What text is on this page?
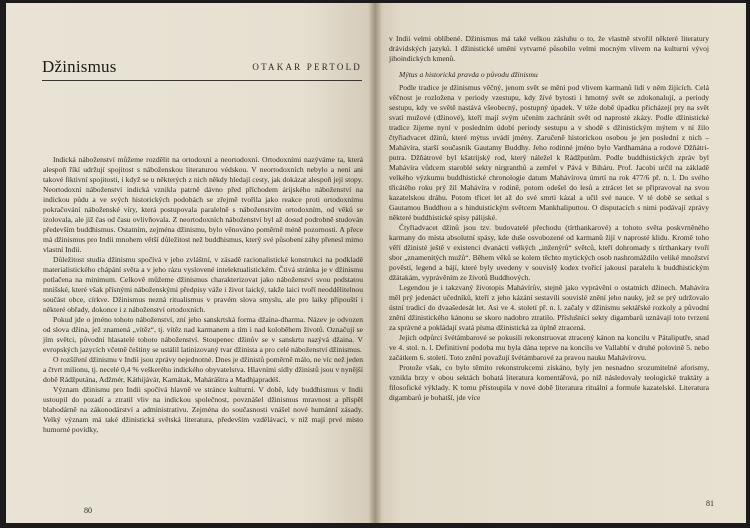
Džinismus	OTAKAR PERTOLD

Indická náboženství můžeme rozdělit na ortodoxní a neortodoxní. Ortodoxními nazýváme ta, která alespoň říkí udržují spojitost s náboženskou literaturou védskou. V neortodoxních nebylo a není ani takové fiktivní spojitosti, i když se u některých z nich někdy hledají cesty, jak dokázat alespoň její stopy. Neortodoxní náboženství indická vznikla patrně dávno před příchodem árijského náboženství na indickou půdu a ve svých historických podobách se zřejmě tvořila jako reakce proti ortodoxnímu pokračování náboženské víry, která postupovala paralelně s náboženstvím ortodoxním, od věků se izolovala, ale již čas od času ovlivňovala. Z neortodoxních náboženství byl až dosud podrobně studován především buddhismus. Ostatním, zejména džinismu, bylo věnováno poměrně méně pozornosti. A přece má džinismus pro Indii mnohem větší důležitost než buddhismus, který své působení záhy přenesl mimo vlastní Indii.

Důležitost studia džinismu spočívá v jeho zvláštní, v zásadě racionalistické konstrukci na podkladě materialistického chápání světa a v jeho rázu vyslovené intelektualistickém. Čtivá stránka je v džinismu potlačena na minimum. Celkově můžeme džinismus charakterizovat jako náboženství svou podstatou mnišské, které však přísnými náboženskými předpisy váže i život laický, takže laici tvoří neoddělitelnou součást obce, církve. Džinismus nezná ritualismus v pravém slova smyslu, ale pro laiky připouští i některé obřady, dokonce i z náboženství ortodoxních.

Pokud jde o jméno tohoto náboženství, zní jeho sanskrtská forma džaina-dharma. Název je odvozen od slova džina, jež znamená „vítěz“, tj. vítěz nad karmanem a tím i nad koloběhem životů. Označují se jím světci, původní hlasatelé tohoto náboženství. Stoupenec džinův se v sanskrtu nazývá džaina. V evropských jazycích včetně češtiny se ustálil latinizovaný tvar džinista a pro celé náboženství džinismus.

O rozšíření džinismu v Indii jsou zprávy nejednotné. Dnes je džinistů poměrně málo, ne víc než jeden a čtvrt milionu, tj. necelé 0,4 % veškerého indického obyvatelstva. Hlavními sídly džinistů jsou v nynější době Rádžputána, Adžmér, Káthijávár, Karnátak, Maháráštra a Madhjapradéš.

Význam džinismu pro Indii spočívá hlavně ve stránce kulturní. V době, kdy buddhismus v Indii ustoupil do pozadí a ztratil vliv na indickou společnost, povznášel džinismus mravnost a přispěl blahodárně na zákonodárství a administrativu. Zejména do současnosti vnášel nové humánní zásady. Velký význam má také džinistická světská literatura, především vzdělávací, v níž mají prvé místo humorné povídky,

80

v Indii velmi oblíbené. Džinismus má také velkou zásluhu o to, že vlastně stvořil některé literatury drávidských jazyků. I džinistické umění vytvarné působilo velmi mocným vlivem na kulturní vývoj jihoindických kmenů.

Mýtus a historická pravda o původu džinismu

Podle tradice je džinismus věčný, jenom svět se mění pod vlivem karmanů lidí v něm žijících. Celá věčnost je rozložena v periody vzestupu, kdy žívé bytosti i hmotný svět se zdokonalují, a periody sestupu, kdy ve světě nastává všeobecný, postupný úpadek. V téže době úpadku přicházejí pry na svět svatí mužové (džinové), kteří mají svým učením zachránit svět od naprosté zkázy. Podle džinistické tradice žijeme nyní v posledním údobí periody sestupu a v shodě s džinistickým mýtem v ní žilo čtyřiadvacet džinů, které mýtus uvádí jmény. Zaručeně historickou osobou je jen poslední z nich – Mahávíra, starší současník Gautamy Buddhy. Jeho rodinné jméno bylo Vardhamána a rodové Džňátri-putra. Džňátrové byl kšatrijský rod, který náležel k Rádžputům. Podle buddhistických zpráv byl Mahávíra vůdcem staroblé sekty nirgranthů a zemřel v Pává v Biháru. Prof. Jacobi určil na základě velkého výzkumu buddhistické chronologie datum Mahávírova úmrtí na rok 477/6 př. n. l. Do svého třicátého roku prý žil Mahávíra v rodině, potom odešel do lesů a ztrácet let se připravoval na svou kazatelskou dráhu. Potom třicet let až do své smrti kázal a učil své nauce. V té době se setkal s Gautamou Buddhou a s hinduistickým světcem Mankhaliputtou. O disputacích s nimi podávají zprávy některé buddhistické spisy pálijské.

Čtyřiadvacet džinů jsou tzv. budovatelé přechodu (tírthankarové) a tohoto světa poskvrněného karmany do místa absolutní spásy, kde duše osvobozené od karmanů žijí v naprosté klidu. Kromě toho věří džinisté ještě v existenci dvanácti velkých „inženýrů“ světců, kteří dohromady s tírthankary tvoří sbor „znamenitých mužů“. Během věků se kolem těchto mytických osob nashromáždilo veliké množství pověstí, legend a bájí, které byly uvedeny v souvislý kodex tvořící jakousi paralelu k buddhistickým džátakám, vyprávěním ze životů Buddhových.

Legendou je i takzvaný životopis Mahávírův, stejně jako vyprávění o ostatních džinech. Mahávíra měl prý jedenáct učedníků, kteří z jeho kázání sestavili souvislé znění jeho nauky, jež se prý udržovalo ústní tradicí do dvaašedesát let. Asi ve 4. století př. n. l. začaly v džinismu sektářské rozkoly a původní znění džinistického kánonu se skoro nadobro ztratilo. Příslušníci sekty digambarů uznávají toto tvrzení za správné a pokládají svatá písma džinistická za úplně ztracená.

Jejich odpůrci švétámbarové se pokusili rekonstruovat ztracený kánon na koncilu v Pátaliputře, snad ve 4. stol. n. l. Definitivní podoba mu byla dána teprve na koncilu ve Vallabhí v druhé polovině 5. nebo začátkem 6. století. Toto znění považují švétámbarové za pravou nauku Mahávírovu.

Protože však, co bylo těmito rekonstrukcemi získáno, byly jen nesnadno srozumitelné aforismy, vznikla brzy v obou sektách bohatá literatura komentářová, po níž následovaly teologické traktáty a filosofické výklady. K tomu přistoupila v nové době literatura rituální a formule kazatelské. Literatura digambarů je bohatší, jde více

81
